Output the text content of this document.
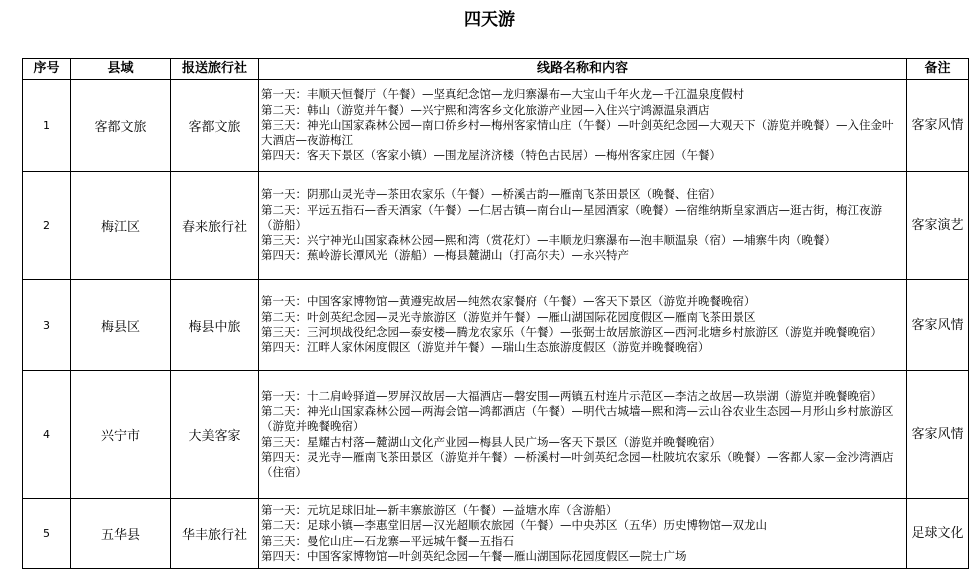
四天游
序号	县域	报送旅行社	线路名称和内容	备注
1	客都文旅	客都文旅	第一天：丰顺天恒餐厅（午餐）—坚真纪念馆—龙归寨瀑布—大宝山千年火龙—千江温泉度假村
第二天：韩山（游览并午餐）—兴宁熙和湾客乡文化旅游产业园—入住兴宁鸿源温泉酒店
第三天：神光山国家森林公园—南口侨乡村—梅州客家情山庄（午餐）—叶剑英纪念园—大观天下（游览并晚餐）—入住金叶大酒店—夜游梅江
第四天：客天下景区（客家小镇）—围龙屋济济楼（特色古民居）—梅州客家庄园（午餐）	客家风情
2	梅江区	春来旅行社	第一天：阴那山灵光寺—茶田农家乐（午餐）—桥溪古韵—雁南飞茶田景区（晚餐、住宿）
第二天：平远五指石—香天酒家（午餐）—仁居古镇—南台山—星园酒家（晚餐）—宿维纳斯皇家酒店—逛古街，梅江夜游（游船）
第三天：兴宁神光山国家森林公园—熙和湾（赏花灯）—丰顺龙归寨瀑布—泡丰顺温泉（宿）—埔寨牛肉（晚餐）
第四天：蕉岭游长潭风光（游船）—梅县麓湖山（打高尔夫）—永兴特产	客家演艺
3	梅县区	梅县中旅	第一天：中国客家博物馆—黄遵宪故居—纯然农家餐府（午餐）—客天下景区（游览并晚餐晚宿）
第二天：叶剑英纪念园—灵光寺旅游区（游览并午餐）—雁山湖国际花园度假区—雁南飞茶田景区
第三天：三河坝战役纪念园—泰安楼—腾龙农家乐（午餐）—张弼士故居旅游区—西河北塘乡村旅游区（游览并晚餐晚宿）
第四天：江畔人家休闲度假区（游览并午餐）—瑞山生态旅游度假区（游览并晚餐晚宿）	客家风情
4	兴宁市	大美客家	第一天：十二肩岭驿道—罗屏汉故居—大福酒店—磐安围—两镇五村连片示范区—李洁之故居—玖崇湖（游览并晚餐晚宿）
第二天：神光山国家森林公园—两海会馆—鸿都酒店（午餐）—明代古城墙—熙和湾—云山谷农业生态园—月形山乡村旅游区（游览并晚餐晚宿）
第三天：星耀古村落—麓湖山文化产业园—梅县人民广场—客天下景区（游览并晚餐晚宿）
第四天：灵光寺—雁南飞茶田景区（游览并午餐）—桥溪村—叶剑英纪念园—杜陂坑农家乐（晚餐）—客都人家—金沙湾酒店（住宿）	客家风情
5	五华县	华丰旅行社	第一天：元坑足球旧址—新丰寨旅游区（午餐）—益塘水库（含游船）
第二天：足球小镇—李惠堂旧居—汉光超顺农旅园（午餐）—中央苏区（五华）历史博物馆—双龙山
第三天：曼佗山庄—石龙寨—平远城午餐—五指石
第四天：中国客家博物馆—叶剑英纪念园—午餐—雁山湖国际花园度假区—院士广场	足球文化
